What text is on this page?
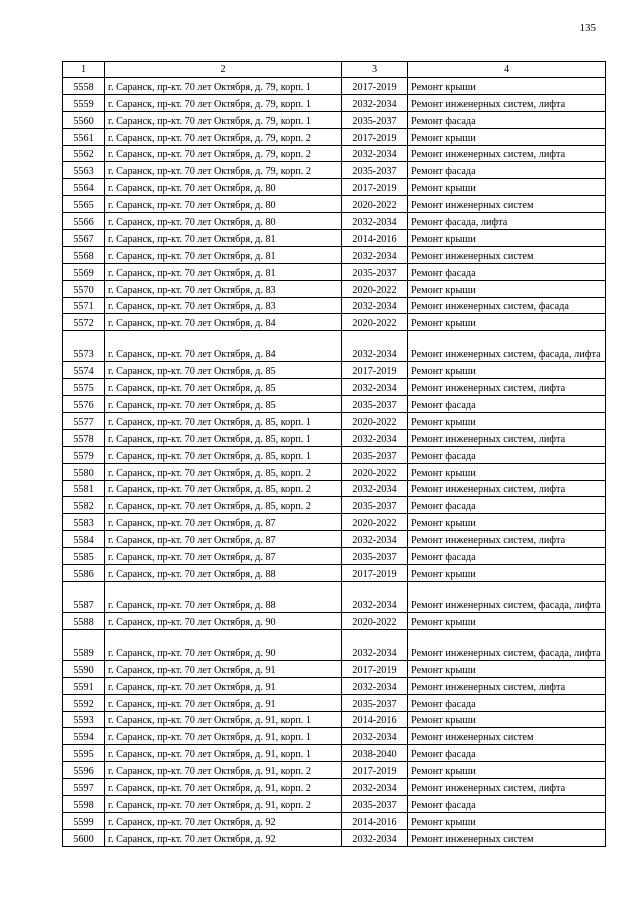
135
1	2	3	4
5558	г. Саранск, пр-кт. 70 лет Октября, д. 79, корп. 1	2017-2019	Ремонт крыши
5559	г. Саранск, пр-кт. 70 лет Октября, д. 79, корп. 1	2032-2034	Ремонт инженерных систем, лифта
5560	г. Саранск, пр-кт. 70 лет Октября, д. 79, корп. 1	2035-2037	Ремонт фасада
5561	г. Саранск, пр-кт. 70 лет Октября, д. 79, корп. 2	2017-2019	Ремонт крыши
5562	г. Саранск, пр-кт. 70 лет Октября, д. 79, корп. 2	2032-2034	Ремонт инженерных систем, лифта
5563	г. Саранск, пр-кт. 70 лет Октября, д. 79, корп. 2	2035-2037	Ремонт фасада
5564	г. Саранск, пр-кт. 70 лет Октября, д. 80	2017-2019	Ремонт крыши
5565	г. Саранск, пр-кт. 70 лет Октября, д. 80	2020-2022	Ремонт инженерных систем
5566	г. Саранск, пр-кт. 70 лет Октября, д. 80	2032-2034	Ремонт фасада, лифта
5567	г. Саранск, пр-кт. 70 лет Октября, д. 81	2014-2016	Ремонт крыши
5568	г. Саранск, пр-кт. 70 лет Октября, д. 81	2032-2034	Ремонт инженерных систем
5569	г. Саранск, пр-кт. 70 лет Октября, д. 81	2035-2037	Ремонт фасада
5570	г. Саранск, пр-кт. 70 лет Октября, д. 83	2020-2022	Ремонт крыши
5571	г. Саранск, пр-кт. 70 лет Октября, д. 83	2032-2034	Ремонт инженерных систем, фасада
5572	г. Саранск, пр-кт. 70 лет Октября, д. 84	2020-2022	Ремонт крыши
5573	г. Саранск, пр-кт. 70 лет Октября, д. 84	2032-2034	Ремонт инженерных систем, фасада, лифта
5574	г. Саранск, пр-кт. 70 лет Октября, д. 85	2017-2019	Ремонт крыши
5575	г. Саранск, пр-кт. 70 лет Октября, д. 85	2032-2034	Ремонт инженерных систем, лифта
5576	г. Саранск, пр-кт. 70 лет Октября, д. 85	2035-2037	Ремонт фасада
5577	г. Саранск, пр-кт. 70 лет Октября, д. 85, корп. 1	2020-2022	Ремонт крыши
5578	г. Саранск, пр-кт. 70 лет Октября, д. 85, корп. 1	2032-2034	Ремонт инженерных систем, лифта
5579	г. Саранск, пр-кт. 70 лет Октября, д. 85, корп. 1	2035-2037	Ремонт фасада
5580	г. Саранск, пр-кт. 70 лет Октября, д. 85, корп. 2	2020-2022	Ремонт крыши
5581	г. Саранск, пр-кт. 70 лет Октября, д. 85, корп. 2	2032-2034	Ремонт инженерных систем, лифта
5582	г. Саранск, пр-кт. 70 лет Октября, д. 85, корп. 2	2035-2037	Ремонт фасада
5583	г. Саранск, пр-кт. 70 лет Октября, д. 87	2020-2022	Ремонт крыши
5584	г. Саранск, пр-кт. 70 лет Октября, д. 87	2032-2034	Ремонт инженерных систем, лифта
5585	г. Саранск, пр-кт. 70 лет Октября, д. 87	2035-2037	Ремонт фасада
5586	г. Саранск, пр-кт. 70 лет Октября, д. 88	2017-2019	Ремонт крыши
5587	г. Саранск, пр-кт. 70 лет Октября, д. 88	2032-2034	Ремонт инженерных систем, фасада, лифта
5588	г. Саранск, пр-кт. 70 лет Октября, д. 90	2020-2022	Ремонт крыши
5589	г. Саранск, пр-кт. 70 лет Октября, д. 90	2032-2034	Ремонт инженерных систем, фасада, лифта
5590	г. Саранск, пр-кт. 70 лет Октября, д. 91	2017-2019	Ремонт крыши
5591	г. Саранск, пр-кт. 70 лет Октября, д. 91	2032-2034	Ремонт инженерных систем, лифта
5592	г. Саранск, пр-кт. 70 лет Октября, д. 91	2035-2037	Ремонт фасада
5593	г. Саранск, пр-кт. 70 лет Октября, д. 91, корп. 1	2014-2016	Ремонт крыши
5594	г. Саранск, пр-кт. 70 лет Октября, д. 91, корп. 1	2032-2034	Ремонт инженерных систем
5595	г. Саранск, пр-кт. 70 лет Октября, д. 91, корп. 1	2038-2040	Ремонт фасада
5596	г. Саранск, пр-кт. 70 лет Октября, д. 91, корп. 2	2017-2019	Ремонт крыши
5597	г. Саранск, пр-кт. 70 лет Октября, д. 91, корп. 2	2032-2034	Ремонт инженерных систем, лифта
5598	г. Саранск, пр-кт. 70 лет Октября, д. 91, корп. 2	2035-2037	Ремонт фасада
5599	г. Саранск, пр-кт. 70 лет Октября, д. 92	2014-2016	Ремонт крыши
5600	г. Саранск, пр-кт. 70 лет Октября, д. 92	2032-2034	Ремонт инженерных систем
